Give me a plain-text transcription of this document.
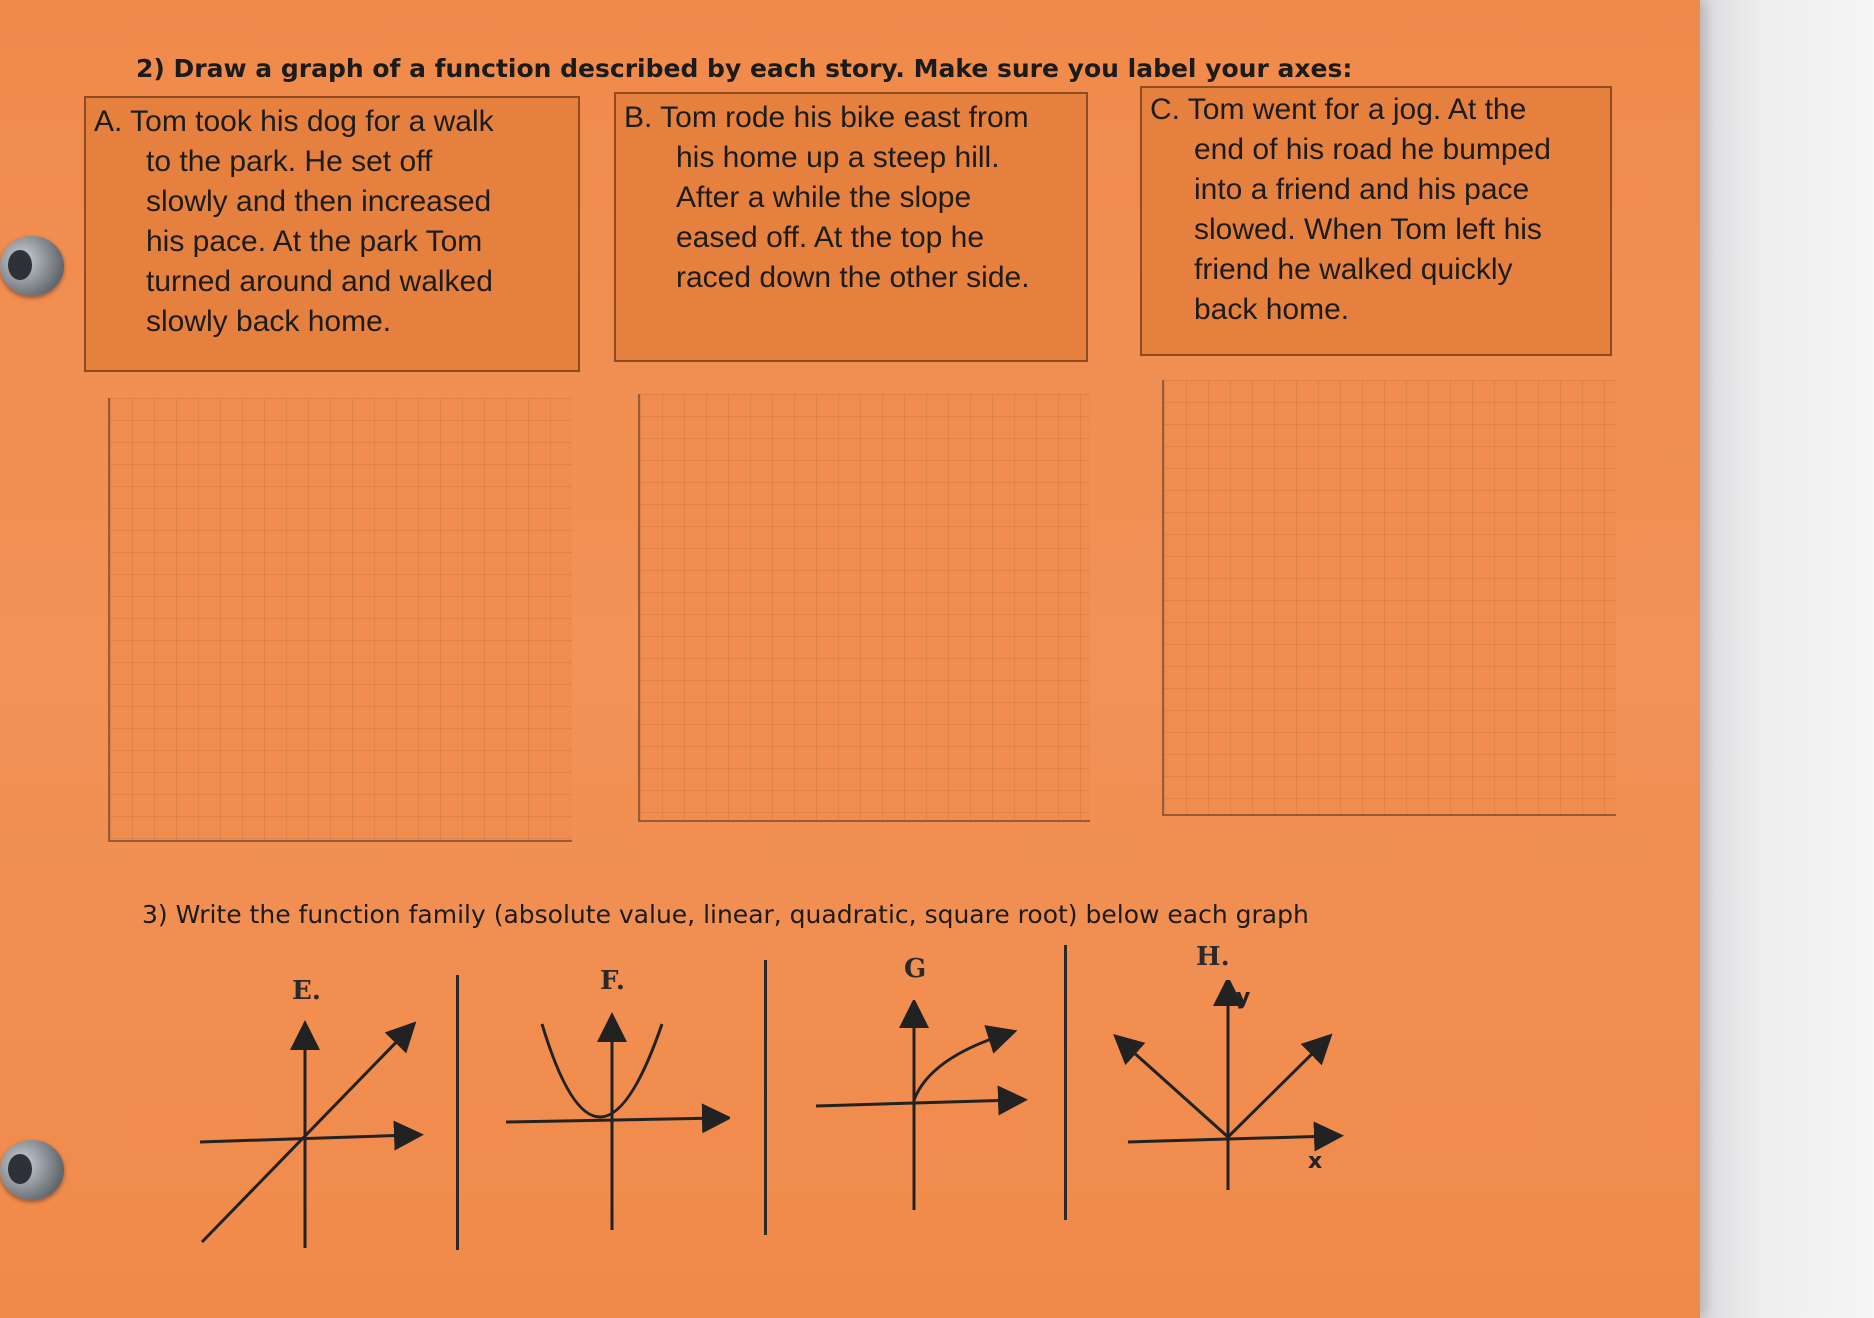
2) Draw a graph of a function described by each story. Make sure you label your axes:

A. Tom took his dog for a walk

to the park. He set off

slowly and then increased

his pace. At the park Tom

turned around and walked

slowly back home.

B. Tom rode his bike east from

his home up a steep hill.

After a while the slope

eased off. At the top he

raced down the other side.

C. Tom went for a jog. At the

end of his road he bumped

into a friend and his pace

slowed. When Tom left his

friend he walked quickly

back home.

3) Write the function family (absolute value, linear, quadratic, square root) below each graph
E.	F.	G	H.
y
x
